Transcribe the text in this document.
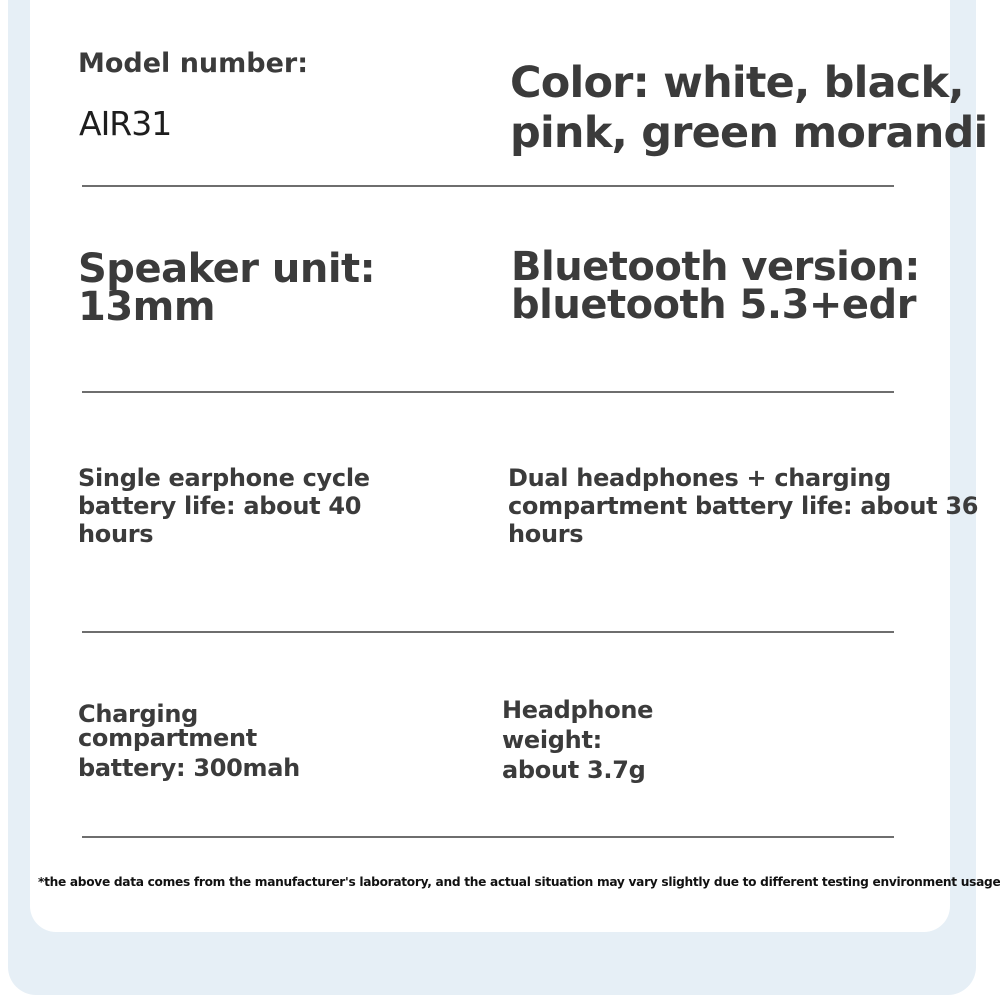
Model number:
AIR31
Color: white, black,
pink, green morandi
Speaker unit:
13mm
Bluetooth version:
bluetooth 5.3+edr
Single earphone cycle
battery life: about 40
hours
Dual headphones + charging
compartment battery life: about 36
hours
Charging
compartment
battery: 300mah
Headphone
weight:
about 3.7g
*the above data comes from the manufacturer's laboratory, and the actual situation may vary slightly due to different testing environment usage
